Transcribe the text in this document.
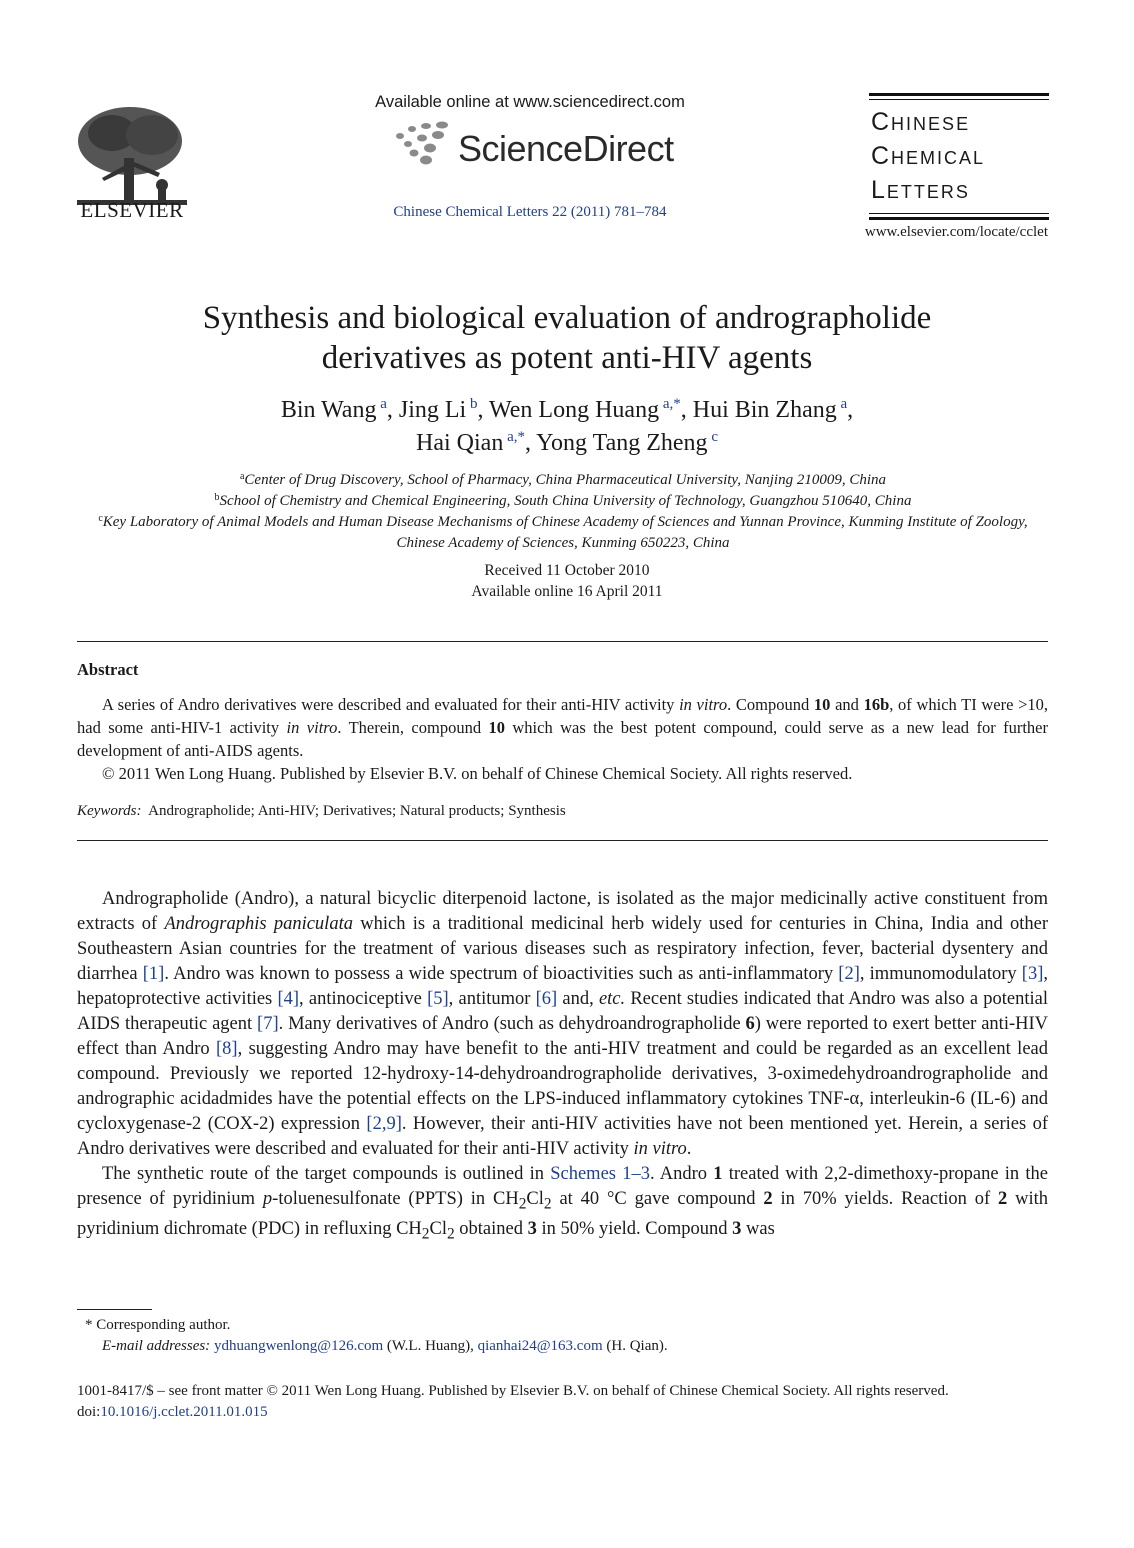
ELSEVIER
Available online at www.sciencedirect.com
ScienceDirect
Chinese Chemical Letters 22 (2011) 781–784
Chinese
Chemical
Letters
www.elsevier.com/locate/cclet
Synthesis and biological evaluation of andrographolide
derivatives as potent anti-HIV agents
Bin Wang $^a$, Jing Li $^b$, Wen Long Huang $^{a,*}$, Hui Bin Zhang $^a$,
Hai Qian $^{a,*}$, Yong Tang Zheng $^c$
$^a$Center of Drug Discovery, School of Pharmacy, China Pharmaceutical University, Nanjing 210009, China
$^b$School of Chemistry and Chemical Engineering, South China University of Technology, Guangzhou 510640, China
$^c$Key Laboratory of Animal Models and Human Disease Mechanisms of Chinese Academy of Sciences and Yunnan Province, Kunming Institute of Zoology, Chinese Academy of Sciences, Kunming 650223, China
Received 11 October 2010
Available online 16 April 2011
Abstract
A series of Andro derivatives were described and evaluated for their anti-HIV activity in vitro. Compound 10 and 16b, of which TI were >10, had some anti-HIV-1 activity in vitro. Therein, compound 10 which was the best potent compound, could serve as a new lead for further development of anti-AIDS agents.
© 2011 Wen Long Huang. Published by Elsevier B.V. on behalf of Chinese Chemical Society. All rights reserved.
Keywords: Andrographolide; Anti-HIV; Derivatives; Natural products; Synthesis

Andrographolide (Andro), a natural bicyclic diterpenoid lactone, is isolated as the major medicinally active constituent from extracts of Andrographis paniculata which is a traditional medicinal herb widely used for centuries in China, India and other Southeastern Asian countries for the treatment of various diseases such as respiratory infection, fever, bacterial dysentery and diarrhea [1]. Andro was known to possess a wide spectrum of bioactivities such as anti-inflammatory [2], immunomodulatory [3], hepatoprotective activities [4], antinociceptive [5], antitumor [6] and, etc. Recent studies indicated that Andro was also a potential AIDS therapeutic agent [7]. Many derivatives of Andro (such as dehydroandrographolide 6) were reported to exert better anti-HIV effect than Andro [8], suggesting Andro may have benefit to the anti-HIV treatment and could be regarded as an excellent lead compound. Previously we reported 12-hydroxy-14-dehydroandrographolide derivatives, 3-oximedehydroandrographolide and andrographic acidadmides have the potential effects on the LPS-induced inflammatory cytokines TNF-α, interleukin-6 (IL-6) and cycloxygenase-2 (COX-2) expression [2,9]. However, their anti-HIV activities have not been mentioned yet. Herein, a series of Andro derivatives were described and evaluated for their anti-HIV activity in vitro.

The synthetic route of the target compounds is outlined in Schemes 1–3. Andro 1 treated with 2,2-dimethoxy-propane in the presence of pyridinium p-toluenesulfonate (PPTS) in $CH_2Cl_2$ at 40 °C gave compound 2 in 70% yields. Reaction of 2 with pyridinium dichromate (PDC) in refluxing $CH_2Cl_2$ obtained 3 in 50% yield. Compound 3 was

* Corresponding author.
E-mail addresses: ydhuangwenlong@126.com (W.L. Huang), qianhai24@163.com (H. Qian).
1001-8417/$ – see front matter © 2011 Wen Long Huang. Published by Elsevier B.V. on behalf of Chinese Chemical Society. All rights reserved.
doi:10.1016/j.cclet.2011.01.015
